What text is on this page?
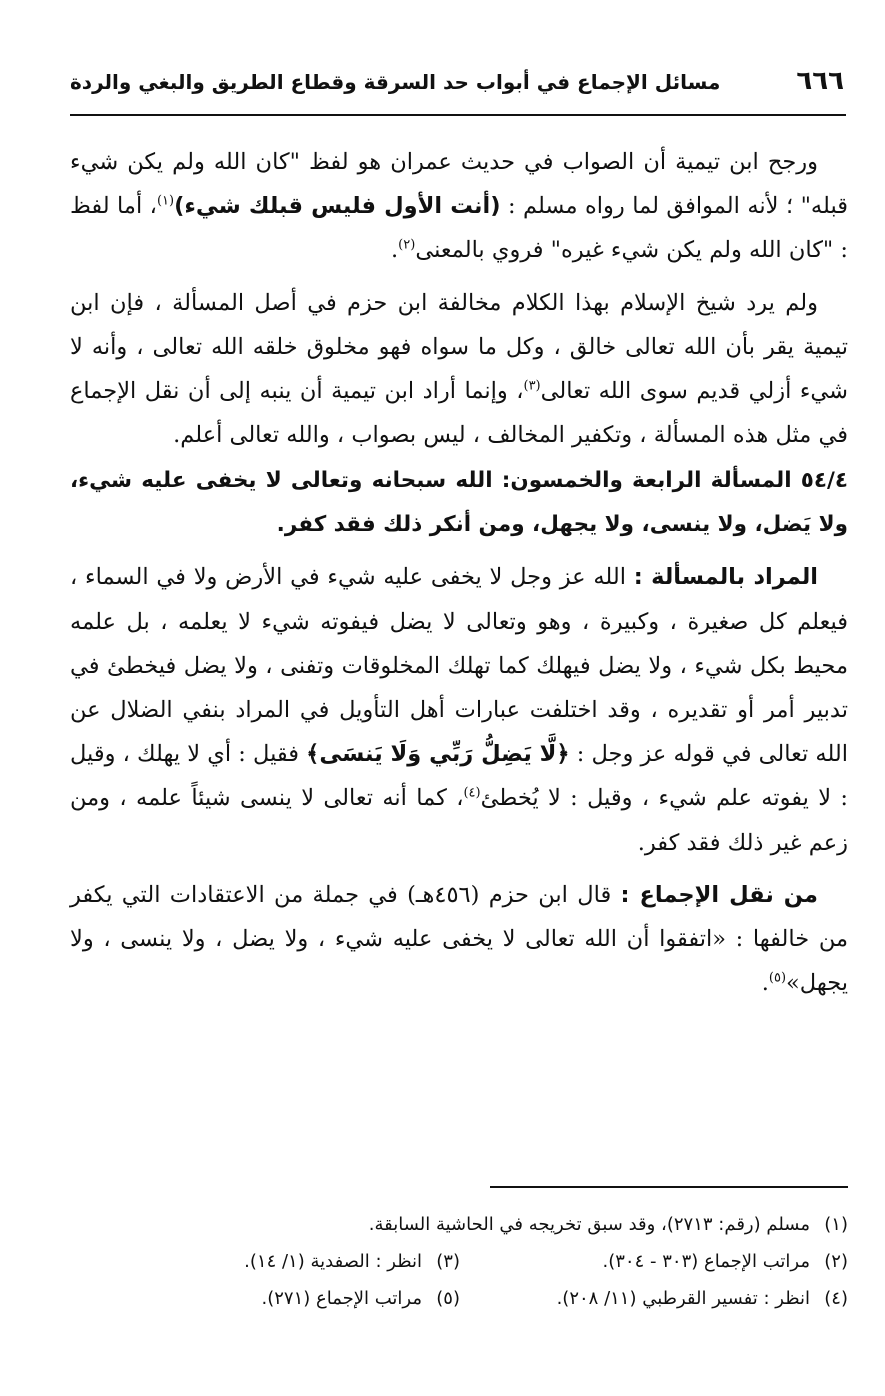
٦٦٦
مسائل الإجماع في أبواب حد السرقة وقطاع الطريق والبغي والردة

ورجح ابن تيمية أن الصواب في حديث عمران هو لفظ "كان الله ولم يكن شيء قبله" ؛ لأنه الموافق لما رواه مسلم : (أنت الأول فليس قبلك شيء)$^{(١)}$، أما لفظ : "كان الله ولم يكن شيء غيره" فروي بالمعنى$^{(٢)}$.

ولم يرد شيخ الإسلام بهذا الكلام مخالفة ابن حزم في أصل المسألة ، فإن ابن تيمية يقر بأن الله تعالى خالق ، وكل ما سواه فهو مخلوق خلقه الله تعالى ، وأنه لا شيء أزلي قديم سوى الله تعالى$^{(٣)}$، وإنما أراد ابن تيمية أن ينبه إلى أن نقل الإجماع في مثل هذه المسألة ، وتكفير المخالف ، ليس بصواب ، والله تعالى أعلم.

٥٤/٤ المسألة الرابعة والخمسون: الله سبحانه وتعالى لا يخفى عليه شيء، ولا يَضل، ولا ينسى، ولا يجهل، ومن أنكر ذلك فقد كفر.

المراد بالمسألة : الله عز وجل لا يخفى عليه شيء في الأرض ولا في السماء ، فيعلم كل صغيرة ، وكبيرة ، وهو وتعالى لا يضل فيفوته شيء لا يعلمه ، بل علمه محيط بكل شيء ، ولا يضل فيهلك كما تهلك المخلوقات وتفنى ، ولا يضل فيخطئ في تدبير أمر أو تقديره ، وقد اختلفت عبارات أهل التأويل في المراد بنفي الضلال عن الله تعالى في قوله عز وجل : ﴿لَّا يَضِلُّ رَبِّي وَلَا يَنسَى﴾ فقيل : أي لا يهلك ، وقيل : لا يفوته علم شيء ، وقيل : لا يُخطئ$^{(٤)}$، كما أنه تعالى لا ينسى شيئاً علمه ، ومن زعم غير ذلك فقد كفر.

من نقل الإجماع : قال ابن حزم (٤٥٦هـ) في جملة من الاعتقادات التي يكفر من خالفها : «اتفقوا أن الله تعالى لا يخفى عليه شيء ، ولا يضل ، ولا ينسى ، ولا يجهل»$^{(٥)}$.

(١)مسلم (رقم: ٢٧١٣)، وقد سبق تخريجه في الحاشية السابقة.
(٢)مراتب الإجماع (٣٠٣ - ٣٠٤).
(٣)انظر : الصفدية (١/ ١٤).
(٤)انظر : تفسير القرطبي (١١/ ٢٠٨).
(٥)مراتب الإجماع (٢٧١).
